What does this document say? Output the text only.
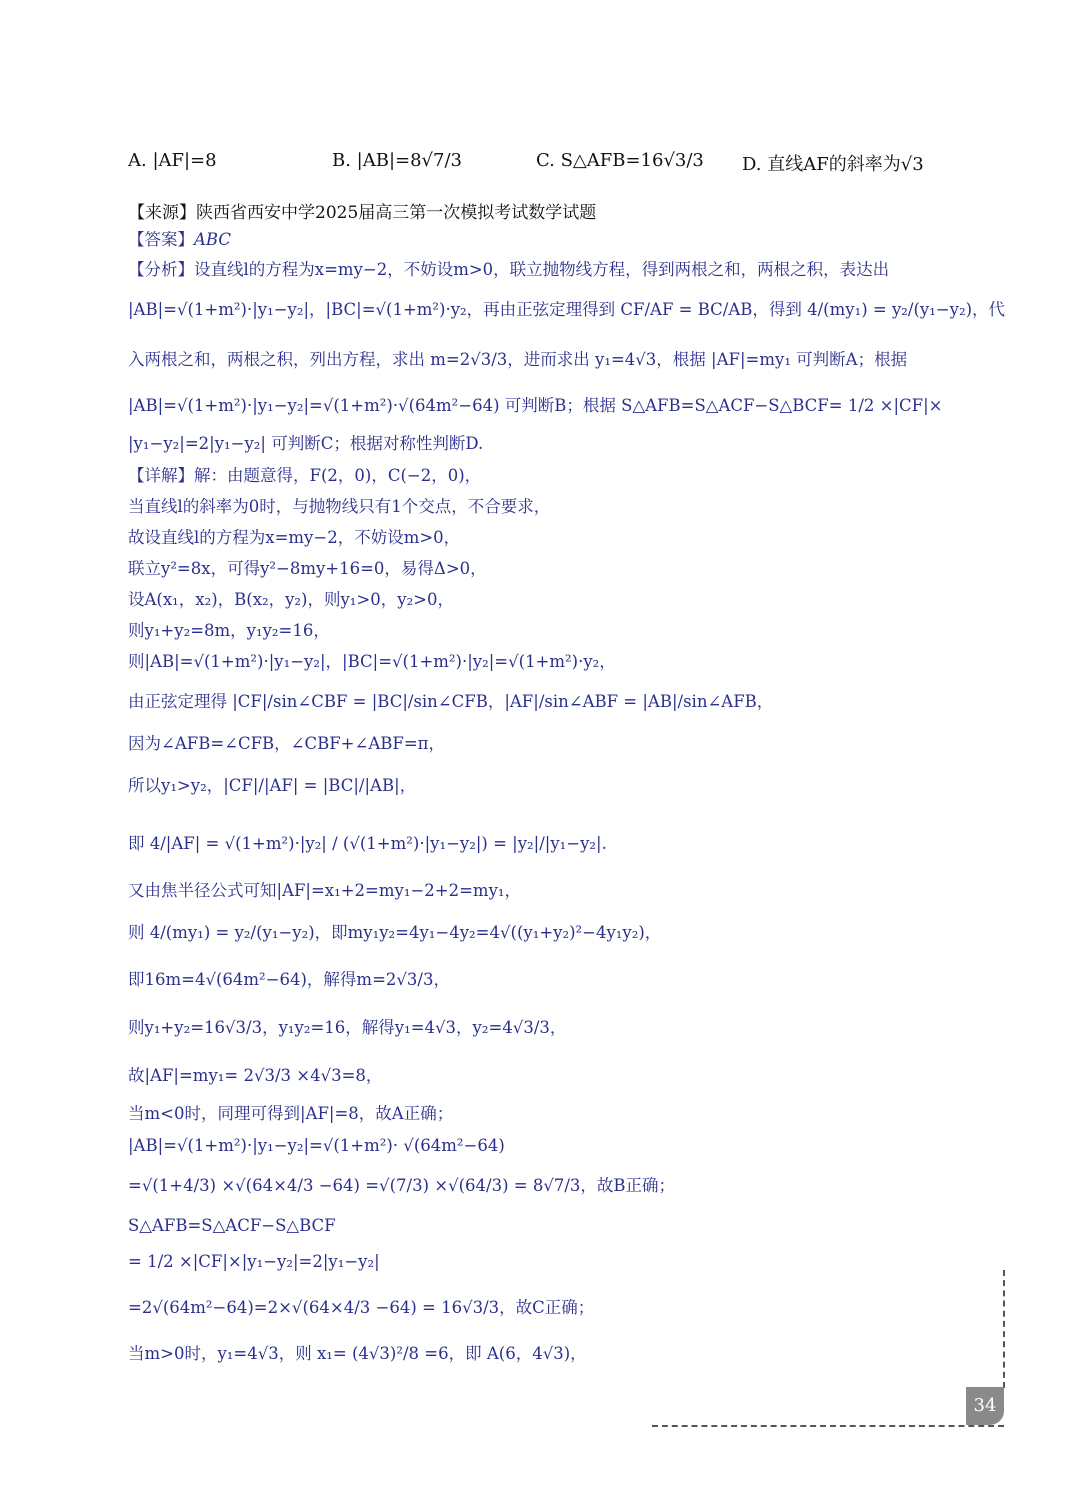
A. |AF|=8	B. |AB|=8√7/3	C. S△AFB=16√3/3 D. 直线AF的斜率为√3
【来源】陕西省西安中学2025届高三第一次模拟考试数学试题
【答案】ABC
【分析】设直线l的方程为x=my−2，不妨设m>0，联立抛物线方程，得到两根之和，两根之积，表达出
|AB|=√(1+m²)·|y₁−y₂|，|BC|=√(1+m²)·y₂，再由正弦定理得到 CF/AF = BC/AB，得到 4/(my₁) = y₂/(y₁−y₂)，代
入两根之和，两根之积，列出方程，求出 m=2√3/3，进而求出 y₁=4√3，根据 |AF|=my₁ 可判断A；根据
|AB|=√(1+m²)·|y₁−y₂|=√(1+m²)·√(64m²−64) 可判断B；根据 S△AFB=S△ACF−S△BCF= 1/2 ×|CF|×
|y₁−y₂|=2|y₁−y₂| 可判断C；根据对称性判断D.
【详解】解：由题意得，F(2，0)，C(−2，0)，
当直线l的斜率为0时，与抛物线只有1个交点，不合要求，
故设直线l的方程为x=my−2，不妨设m>0，
联立y²=8x，可得y²−8my+16=0，易得Δ>0，
设A(x₁，x₂)，B(x₂，y₂)，则y₁>0，y₂>0，
则y₁+y₂=8m，y₁y₂=16，
则|AB|=√(1+m²)·|y₁−y₂|，|BC|=√(1+m²)·|y₂|=√(1+m²)·y₂，
由正弦定理得 |CF|/sin∠CBF = |BC|/sin∠CFB，|AF|/sin∠ABF = |AB|/sin∠AFB，
因为∠AFB=∠CFB，∠CBF+∠ABF=π，
所以y₁>y₂，|CF|/|AF| = |BC|/|AB|，
即 4/|AF| = √(1+m²)·|y₂| / (√(1+m²)·|y₁−y₂|) = |y₂|/|y₁−y₂|.
又由焦半径公式可知|AF|=x₁+2=my₁−2+2=my₁，
则 4/(my₁) = y₂/(y₁−y₂)，即my₁y₂=4y₁−4y₂=4√((y₁+y₂)²−4y₁y₂)，
即16m=4√(64m²−64)，解得m=2√3/3，
则y₁+y₂=16√3/3，y₁y₂=16，解得y₁=4√3，y₂=4√3/3，
故|AF|=my₁= 2√3/3 ×4√3=8，
当m<0时，同理可得到|AF|=8，故A正确；
|AB|=√(1+m²)·|y₁−y₂|=√(1+m²)· √(64m²−64)
=√(1+4/3) ×√(64×4/3 −64) =√(7/3) ×√(64/3) = 8√7/3，故B正确；
S△AFB=S△ACF−S△BCF
= 1/2 ×|CF|×|y₁−y₂|=2|y₁−y₂|
=2√(64m²−64)=2×√(64×4/3 −64) = 16√3/3，故C正确；
当m>0时，y₁=4√3，则 x₁= (4√3)²/8 =6，即 A(6，4√3)，
34
